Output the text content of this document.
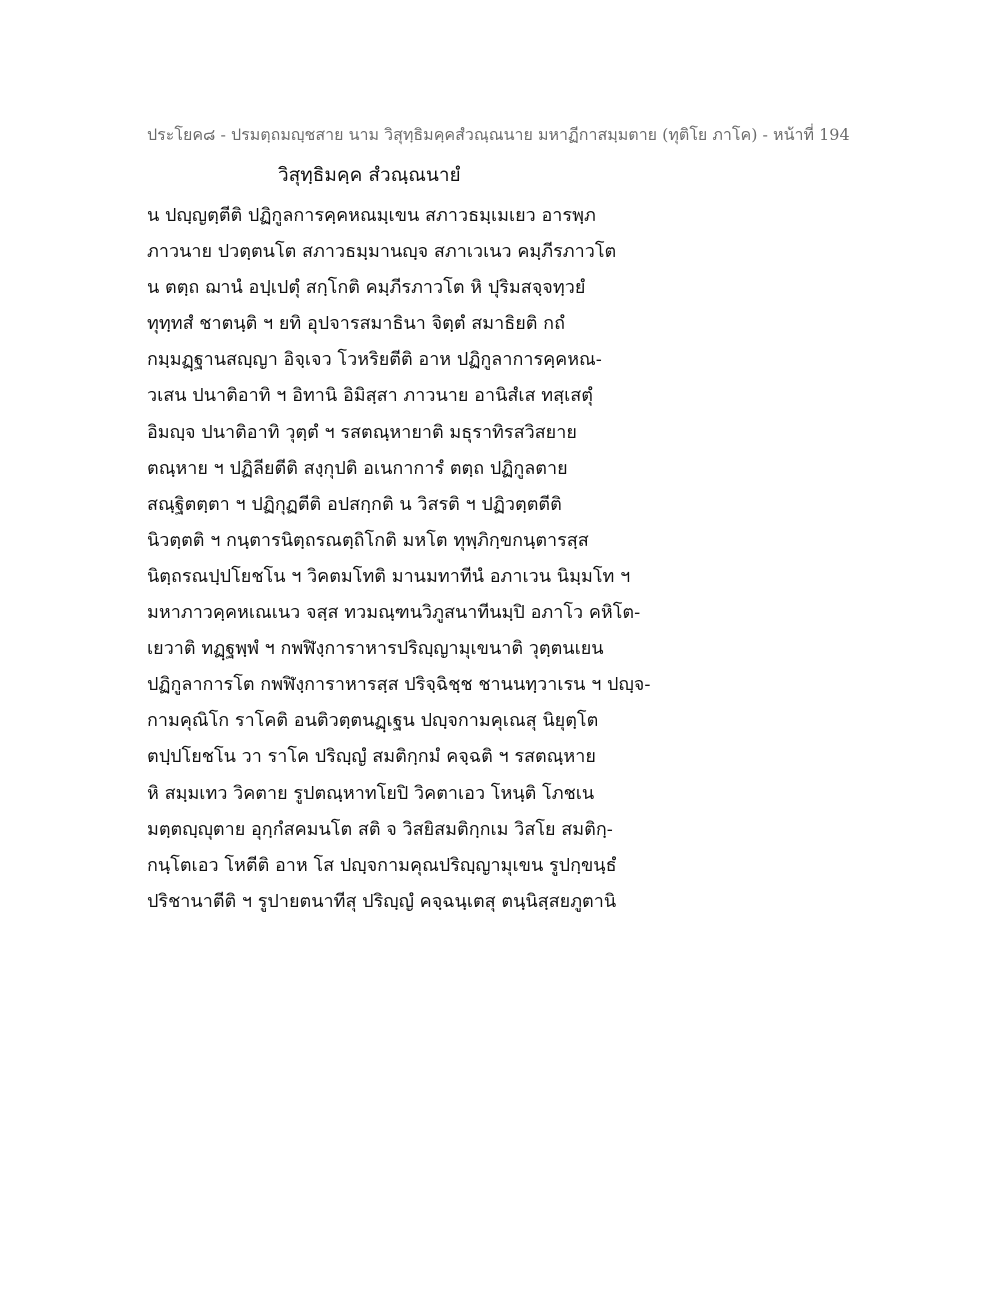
ประโยค๘ - ปรมตฺถมญฺชสาย นาม วิสุทฺธิมคฺคสํวณฺณนาย มหาฏีกาสมฺมตาย (ทุติโย ภาโค) - หน้าที่ 194
วิสุทฺธิมคฺค สํวณฺณนายํ
น ปญฺญตฺตีติ ปฏิกูลการคฺคหณมฺเขน สภาวธมฺเมเยว อารพฺภ
ภาวนาย ปวตฺตนโต สภาวธมฺมานญฺจ สภาเวเนว คมฺภีรภาวโต
น ตตฺถ ฌานํ อปฺเปตุํ สกฺโกติ คมฺภีรภาวโต หิ ปุริมสจฺจทฺวยํ
ทุทฺทสํ ชาตนฺติ ฯ ยทิ อุปจารสมาธินา จิตฺตํ สมาธิยติ กถํ
กมฺมฏฺฐานสญฺญา อิจฺเจว โวหริยตีติ อาห ปฏิกูลาการคฺคหณ-
วเสน ปนาติอาทิ ฯ อิทานิ อิมิสฺสา ภาวนาย อานิสํเส ทสฺเสตุํ
อิมญฺจ ปนาติอาทิ วุตฺตํ ฯ รสตณฺหายาติ มธุราทิรสวิสยาย
ตณฺหาย ฯ ปฏิลียตีติ สงฺกุปติ อเนกาการํ ตตฺถ ปฏิกูลตาย
สณฺฐิตตฺตา ฯ ปฏิกุฏตีติ อปสกฺกติ น วิสรติ ฯ ปฏิวตฺตตีติ
นิวตฺตติ ฯ กนฺตารนิตฺถรณตฺถิโกติ มหโต ทุพฺภิกฺขกนฺตารสฺส
นิตฺถรณปฺปโยชโน ฯ วิคตมโทติ มานมทาทีนํ อภาเวน นิมฺมโท ฯ
มหาภาวคฺคหเณเนว จสฺส ทวมณฺฑนวิภูสนาทีนมฺปิ อภาโว คหิโต-
เยวาติ ทฏฺฐพฺพํ ฯ กพฬิงฺการาหารปริญฺญามุเขนาติ วุตฺตนเยน
ปฏิกูลาการโต กพฬิงฺการาหารสฺส ปริจฺฉิชฺช ชานนทฺวาเรน ฯ ปญฺจ-
กามคุณิโก ราโคติ อนติวตฺตนฏฺเฐน ปญฺจกามคุเณสุ นิยุตฺโต
ตปฺปโยชโน วา ราโค ปริญฺญํ สมติกฺกมํ คจฺฉติ ฯ รสตณฺหาย
หิ สมฺมเทว วิคตาย รูปตณฺหาทโยปิ วิคตาเอว โหนฺติ โภชเน
มตฺตญฺญุตาย อุกฺกํสคมนโต สติ จ วิสยิสมติกฺกเม วิสโย สมติกฺ-
กนฺโตเอว โหตีติ อาห โส ปญฺจกามคุณปริญฺญามุเขน รูปกฺขนฺธํ
ปริชานาตีติ ฯ รูปายตนาทีสุ ปริญฺญํ คจฺฉนฺเตสุ ตนฺนิสฺสยภูตานิ
